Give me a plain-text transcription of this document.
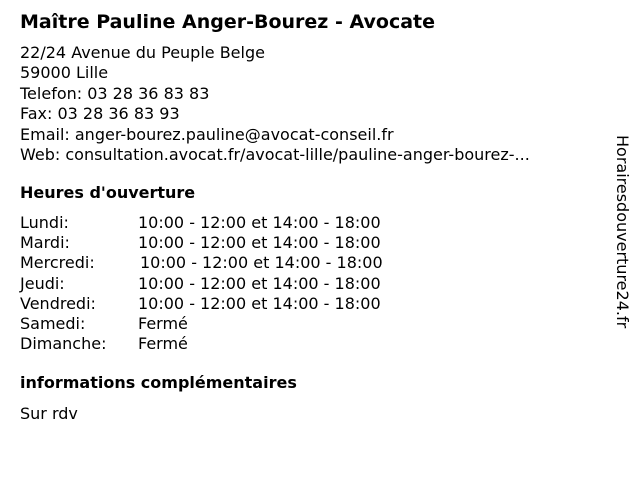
Maître Pauline Anger-Bourez - Avocate
22/24 Avenue du Peuple Belge
59000 Lille
Telefon: 03 28 36 83 83
Fax: 03 28 36 83 93
Email: anger-bourez.pauline@avocat-conseil.fr
Web: consultation.avocat.fr/avocat-lille/pauline-anger-bourez-...
Heures d'ouverture
Lundi:	10:00 - 12:00 et 14:00 - 18:00
Mardi:	10:00 - 12:00 et 14:00 - 18:00
Mercredi:	10:00 - 12:00 et 14:00 - 18:00
Jeudi:	10:00 - 12:00 et 14:00 - 18:00
Vendredi:	10:00 - 12:00 et 14:00 - 18:00
Samedi:	Fermé
Dimanche:	Fermé
informations complémentaires
Sur rdv
Horairesdouverture24.fr
